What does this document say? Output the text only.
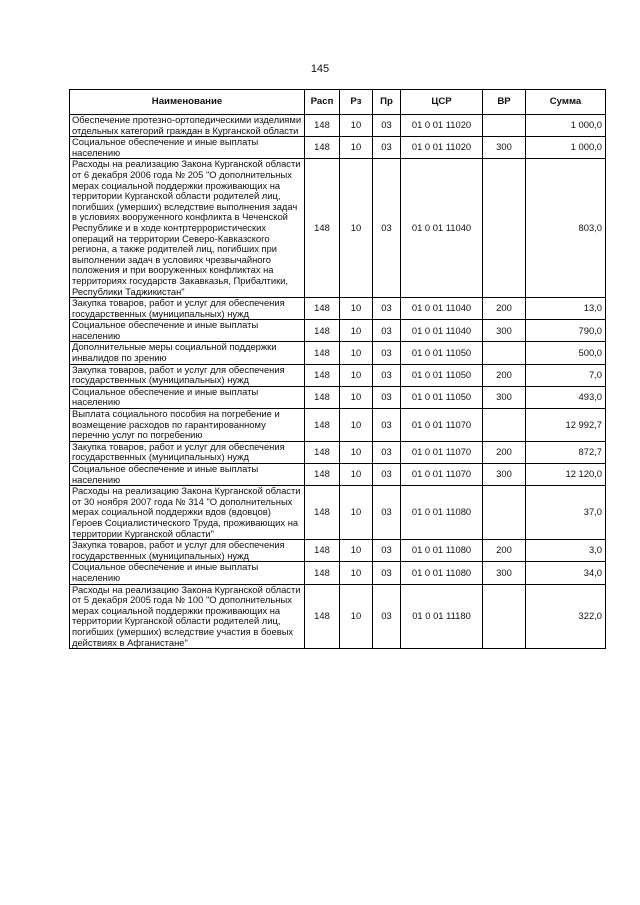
145
Наименование	Расп	Рз	Пр	ЦСР	ВР	Сумма
Обеспечение протезно-ортопедическими изделиями отдельных категорий граждан в Курганской области	148	10	03	01 0 01 11020		1 000,0
Социальное обеспечение и иные выплаты населению	148	10	03	01 0 01 11020	300	1 000,0
Расходы на реализацию Закона Курганской области от 6 декабря 2006 года № 205 "О дополнительных мерах социальной поддержки проживающих на территории Курганской области родителей лиц, погибших (умерших) вследствие выполнения задач в условиях вооруженного конфликта в Чеченской Республике и в ходе контртеррористических операций на территории Северо-Кавказского региона, а также родителей лиц, погибших при выполнении задач в условиях чрезвычайного положения и при вооруженных конфликтах на территориях государств Закавказья, Прибалтики, Республики Таджикистан"	148	10	03	01 0 01 11040		803,0
Закупка товаров, работ и услуг для обеспечения государственных (муниципальных) нужд	148	10	03	01 0 01 11040	200	13,0
Социальное обеспечение и иные выплаты населению	148	10	03	01 0 01 11040	300	790,0
Дополнительные меры социальной поддержки инвалидов по зрению	148	10	03	01 0 01 11050		500,0
Закупка товаров, работ и услуг для обеспечения государственных (муниципальных) нужд	148	10	03	01 0 01 11050	200	7,0
Социальное обеспечение и иные выплаты населению	148	10	03	01 0 01 11050	300	493,0
Выплата социального пособия на погребение и возмещение расходов по гарантированному перечню услуг по погребению	148	10	03	01 0 01 11070		12 992,7
Закупка товаров, работ и услуг для обеспечения государственных (муниципальных) нужд	148	10	03	01 0 01 11070	200	872,7
Социальное обеспечение и иные выплаты населению	148	10	03	01 0 01 11070	300	12 120,0
Расходы на реализацию Закона Курганской области от 30 ноября 2007 года № 314 "О дополнительных мерах социальной поддержки вдов (вдовцов) Героев Социалистического Труда, проживающих на территории Курганской области"	148	10	03	01 0 01 11080		37,0
Закупка товаров, работ и услуг для обеспечения государственных (муниципальных) нужд	148	10	03	01 0 01 11080	200	3,0
Социальное обеспечение и иные выплаты населению	148	10	03	01 0 01 11080	300	34,0
Расходы на реализацию Закона Курганской области от 5 декабря 2005 года № 100 "О дополнительных мерах социальной поддержки проживающих на территории Курганской области родителей лиц, погибших (умерших) вследствие участия в боевых действиях в Афганистане"	148	10	03	01 0 01 11180		322,0
